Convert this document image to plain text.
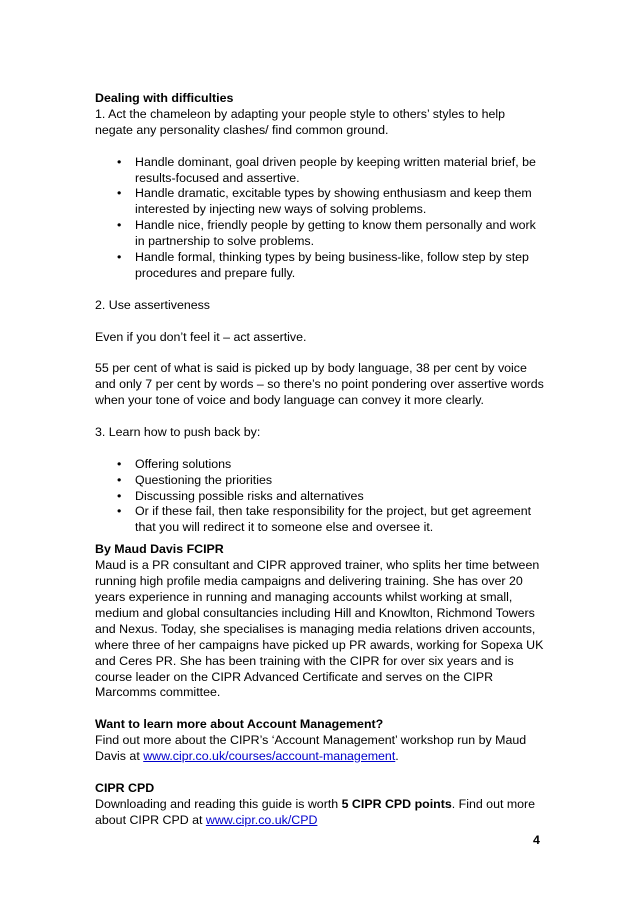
Dealing with difficulties

1. Act the chameleon by adapting your people style to others’ styles to help negate any personality clashes/ find common ground.

• Handle dominant, goal driven people by keeping written material brief, be results-focused and assertive.
• Handle dramatic, excitable types by showing enthusiasm and keep them interested by injecting new ways of solving problems.
• Handle nice, friendly people by getting to know them personally and work in partnership to solve problems.
• Handle formal, thinking types by being business-like, follow step by step procedures and prepare fully.

2. Use assertiveness

Even if you don’t feel it – act assertive.

55 per cent of what is said is picked up by body language, 38 per cent by voice and only 7 per cent by words – so there’s no point pondering over assertive words when your tone of voice and body language can convey it more clearly.

3. Learn how to push back by:

• Offering solutions
• Questioning the priorities
• Discussing possible risks and alternatives
• Or if these fail, then take responsibility for the project, but get agreement that you will redirect it to someone else and oversee it.

By Maud Davis FCIPR

Maud is a PR consultant and CIPR approved trainer, who splits her time between running high profile media campaigns and delivering training. She has over 20 years experience in running and managing accounts whilst working at small, medium and global consultancies including Hill and Knowlton, Richmond Towers and Nexus. Today, she specialises is managing media relations driven accounts, where three of her campaigns have picked up PR awards, working for Sopexa UK and Ceres PR. She has been training with the CIPR for over six years and is course leader on the CIPR Advanced Certificate and serves on the CIPR Marcomms committee.

Want to learn more about Account Management?

Find out more about the CIPR’s ‘Account Management’ workshop run by Maud Davis at www.cipr.co.uk/courses/account-management.

CIPR CPD

Downloading and reading this guide is worth 5 CIPR CPD points. Find out more about CIPR CPD at www.cipr.co.uk/CPD

4
